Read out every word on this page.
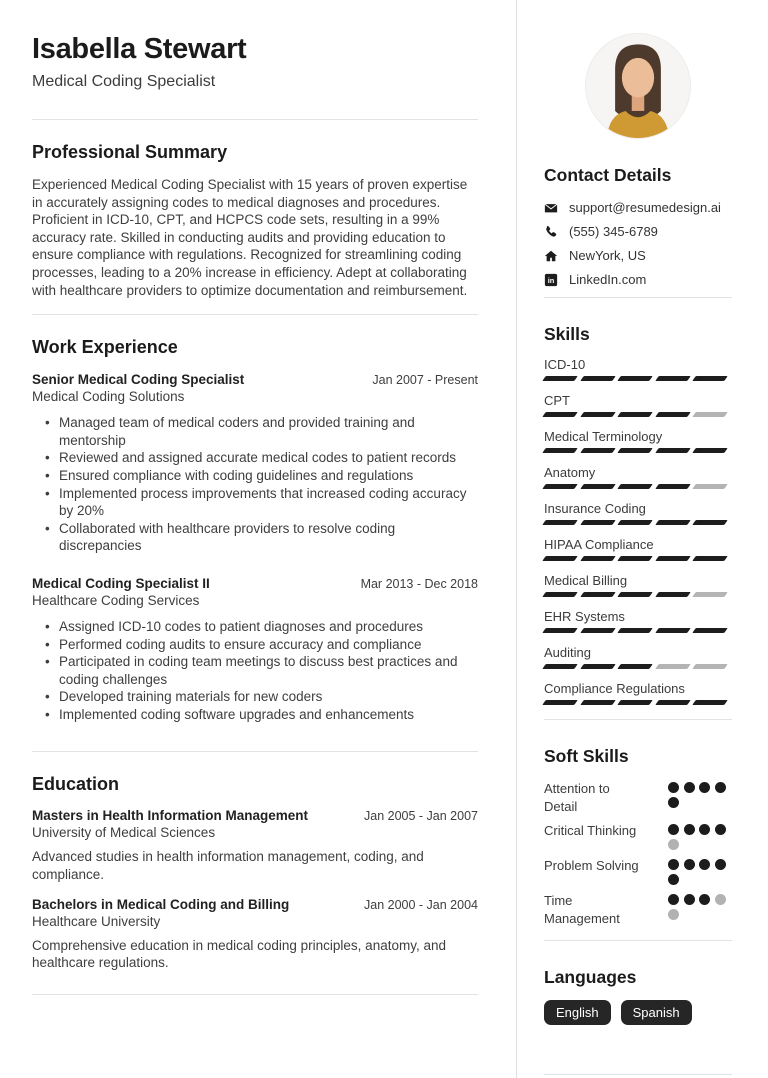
Isabella Stewart
Medical Coding Specialist
Professional Summary

Experienced Medical Coding Specialist with 15 years of proven expertise in accurately assigning codes to medical diagnoses and procedures. Proficient in ICD-10, CPT, and HCPCS code sets, resulting in a 99% accuracy rate. Skilled in conducting audits and providing education to ensure compliance with regulations. Recognized for streamlining coding processes, leading to a 20% increase in efficiency. Adept at collaborating with healthcare providers to optimize documentation and reimbursement.

Work Experience
Senior Medical Coding Specialist	Jan 2007 - Present
Medical Coding Solutions
• Managed team of medical coders and provided training and mentorship
• Reviewed and assigned accurate medical codes to patient records
• Ensured compliance with coding guidelines and regulations
• Implemented process improvements that increased coding accuracy by 20%
• Collaborated with healthcare providers to resolve coding discrepancies
Medical Coding Specialist II	Mar 2013 - Dec 2018
Healthcare Coding Services
• Assigned ICD-10 codes to patient diagnoses and procedures
• Performed coding audits to ensure accuracy and compliance
• Participated in coding team meetings to discuss best practices and coding challenges
• Developed training materials for new coders
• Implemented coding software upgrades and enhancements
Education
Masters in Health Information Management	Jan 2005 - Jan 2007
University of Medical Sciences

Advanced studies in health information management, coding, and compliance.

Bachelors in Medical Coding and Billing	Jan 2000 - Jan 2004
Healthcare University

Comprehensive education in medical coding principles, anatomy, and healthcare regulations.

Contact Details
support@resumedesign.ai
(555) 345-6789
NewYork, US
in LinkedIn.com
Skills
ICD-10
CPT
Medical Terminology
Anatomy
Insurance Coding
HIPAA Compliance
Medical Billing
EHR Systems
Auditing
Compliance Regulations
Soft Skills
Attention to Detail
Critical Thinking
Problem Solving
Time Management
Languages
English	Spanish
